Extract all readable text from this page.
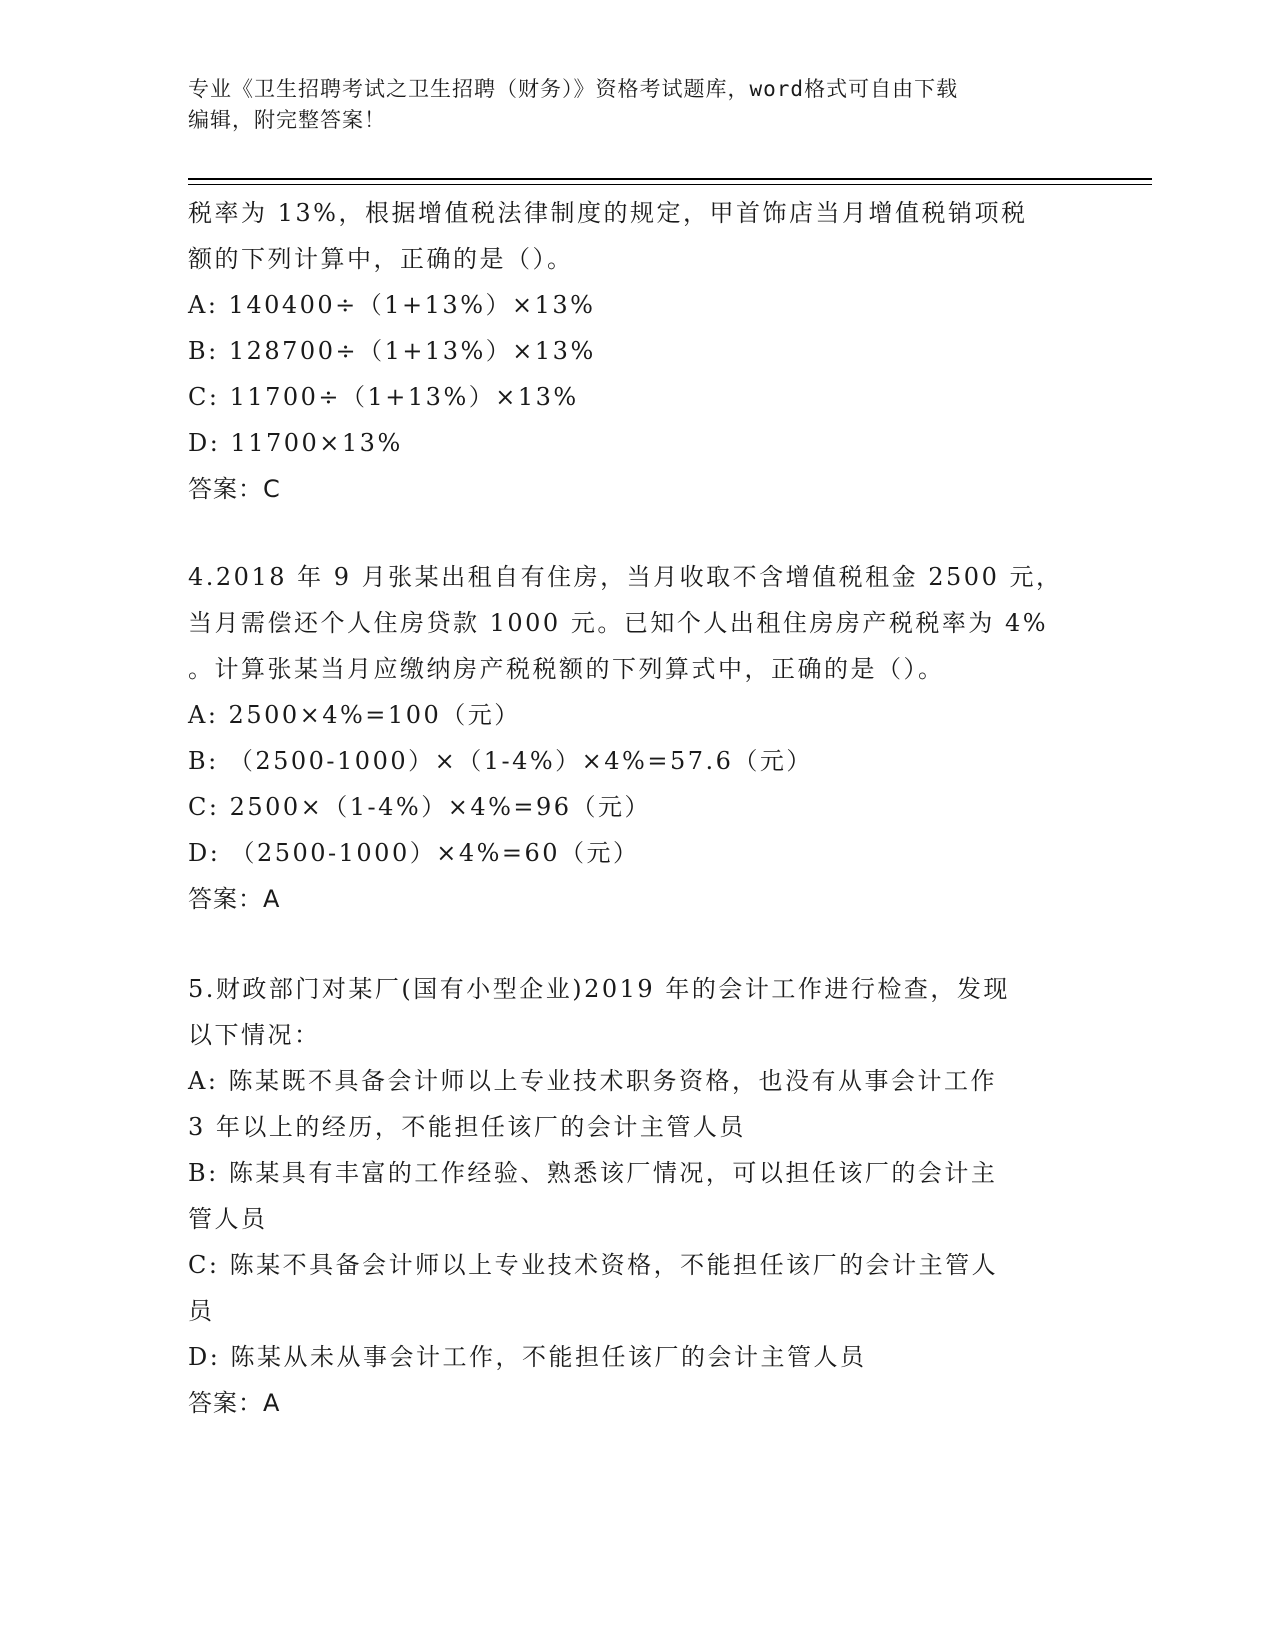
专业《卫生招聘考试之卫生招聘（财务）》资格考试题库，word格式可自由下载
编辑，附完整答案！
税率为 13%，根据增值税法律制度的规定，甲首饰店当月增值税销项税
额的下列计算中，正确的是（）。
A: 140400÷（1+13%）×13%
B: 128700÷（1+13%）×13%
C: 11700÷（1+13%）×13%
D: 11700×13%
答案：C
4.2018 年 9 月张某出租自有住房，当月收取不含增值税租金 2500 元，
当月需偿还个人住房贷款 1000 元。已知个人出租住房房产税税率为 4%
。计算张某当月应缴纳房产税税额的下列算式中，正确的是（）。
A: 2500×4%=100（元）
B: （2500-1000）×（1-4%）×4%=57.6（元）
C: 2500×（1-4%）×4%=96（元）
D: （2500-1000）×4%=60（元）
答案：A
5.财政部门对某厂(国有小型企业)2019 年的会计工作进行检查，发现
以下情况：
A: 陈某既不具备会计师以上专业技术职务资格，也没有从事会计工作
3 年以上的经历，不能担任该厂的会计主管人员
B: 陈某具有丰富的工作经验、熟悉该厂情况，可以担任该厂的会计主
管人员
C: 陈某不具备会计师以上专业技术资格，不能担任该厂的会计主管人
员
D: 陈某从未从事会计工作，不能担任该厂的会计主管人员
答案：A
